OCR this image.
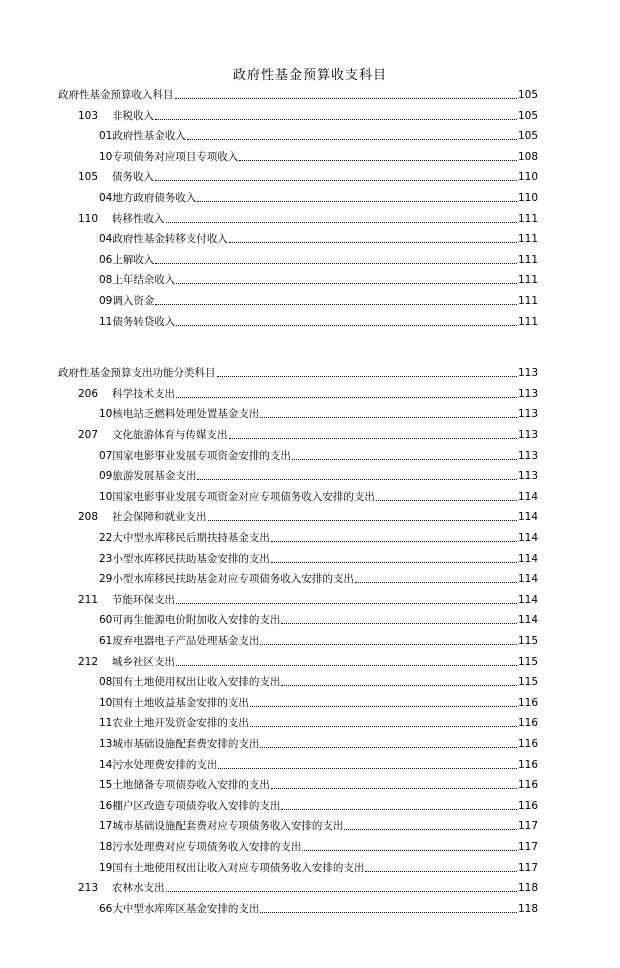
政府性基金预算收支科目
政府性基金预算收入科目	105
103 非税收入	105
01政府性基金收入	105
10专项债务对应项目专项收入	108
105 债务收入	110
04地方政府债务收入	110
110 转移性收入	111
04政府性基金转移支付收入	111
06上解收入	111
08上年结余收入	111
09调入资金	111
11债务转贷收入	111
政府性基金预算支出功能分类科目	113
206 科学技术支出	113
10核电站乏燃料处理处置基金支出	113
207 文化旅游体育与传媒支出	113
07国家电影事业发展专项资金安排的支出	113
09旅游发展基金支出	113
10国家电影事业发展专项资金对应专项债务收入安排的支出	114
208 社会保障和就业支出	114
22大中型水库移民后期扶持基金支出	114
23小型水库移民扶助基金安排的支出	114
29小型水库移民扶助基金对应专项债务收入安排的支出	114
211 节能环保支出	114
60可再生能源电价附加收入安排的支出	114
61废弃电器电子产品处理基金支出	115
212 城乡社区支出	115
08国有土地使用权出让收入安排的支出	115
10国有土地收益基金安排的支出	116
11农业土地开发资金安排的支出	116
13城市基础设施配套费安排的支出	116
14污水处理费安排的支出	116
15土地储备专项债券收入安排的支出	116
16棚户区改造专项债券收入安排的支出	116
17城市基础设施配套费对应专项债务收入安排的支出	117
18污水处理费对应专项债务收入安排的支出	117
19国有土地使用权出让收入对应专项债务收入安排的支出	117
213 农林水支出	118
66大中型水库库区基金安排的支出	118
